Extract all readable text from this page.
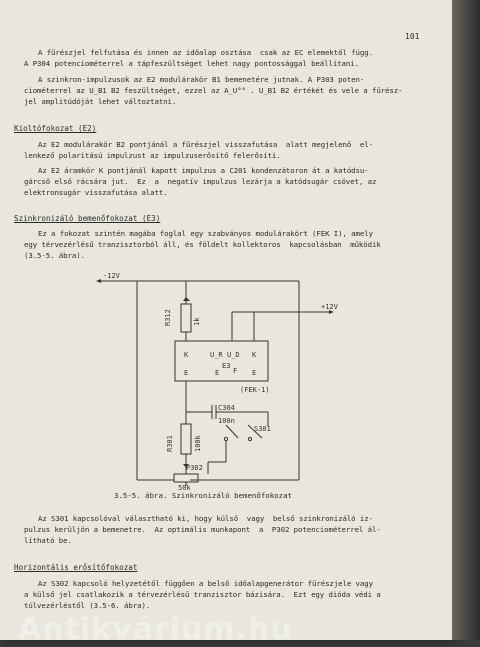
101
A fűrészjel felfutása és innen az időalap osztása  csak az EC elemektől függ.
A P304 potenciométerrel a tápfeszültséget lehet nagy pontossággal beállítani.
A szinkron-impulzusok az E2 modulárakör B1 bemenetére jutnak. A P303 poten-
ciométerrel az U_B1 B2 feszültséget, ezzel az A_U°° . U_B1 B2 értékét és vele a fűrész-
jel amplitúdóját lehet változtatni.
Kioltófokozat (E2)
Az E2 modulárakör B2 pontjánál a fűrészjel visszafutása  alatt megjelenő  el-
lenkező polaritású impulzust az impulzuserősítő felerősíti.
Az E2 áramkör K pontjánál kapott impulzus a C201 kondenzátoron át a katódsu-
gárcső első rácsára jut.  Ez  a  negatív impulzus lezárja a katódsugár csövet, az
elektronsugár visszafutása alatt.
Szinkronizáló bemenőfokozat (E3)
Ez a fokozat szintén magába foglal egy szabványos modulárakört (FEK I), amely
egy térvezérlésű tranzisztorból áll, és földelt kollektoros  kapcsolásban  működik
(3.5-5. ábra).
-12V
+12V
R312	1k
K	U_R U_D K
E3
F
E	E	E
(FEK-1)
C304
100n
R301	100k
S301
P302
50k
3.5-5. ábra. Szinkronizáló bemenőfokozat
Az S301 kapcsolóval választható ki, hogy külső  vagy  belső szinkronizáló iz-
pulzus kerüljön a bemenetre.  Az optimális munkapont  a  P302 potenciométerrel ál-
lítható be.
Horizontális erősítőfokozat
Az S302 kapcsoló helyzetétől függően a belső időalapgenerátor fűrészjele vagy
a külső jel csatlakozik a térvezérlésű tranzisztor bázisára.  Ezt egy dióda védi a
túlvezérléstől (3.5-6. ábra).
Antikvárium.hu
